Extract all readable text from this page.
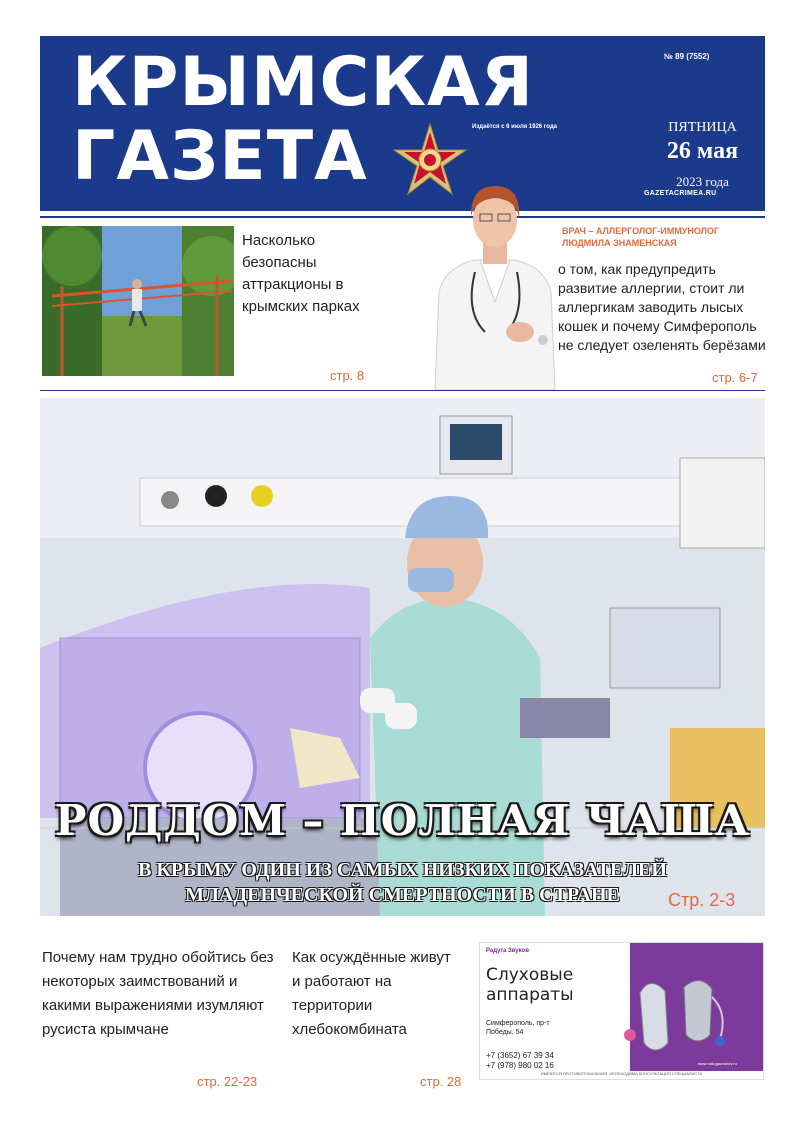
КРЫМСКАЯ
ГАЗЕТА	Издаётся с 6 июля 1926 года
№ 89 (7552)
ПЯТНИЦА
26 мая
2023 года
GAZETACRIMEA.RU
Насколько безопасны аттракционы в крымских парках
стр. 8
ВРАЧ – АЛЛЕРГОЛОГ-ИММУНОЛОГ ЛЮДМИЛА ЗНАМЕНСКАЯ
о том, как предупредить развитие аллергии, стоит ли аллергикам заводить лысых кошек и почему Симферополь не следует озеленять берёзами
стр. 6-7
РОДДОМ – ПОЛНАЯ ЧАША
В КРЫМУ ОДИН ИЗ САМЫХ НИЗКИХ ПОКАЗАТЕЛЕЙ
МЛАДЕНЧЕСКОЙ СМЕРТНОСТИ В СТРАНЕ	Стр. 2-3
Почему нам трудно обойтись без некоторых заимствований и какими выражениями изумляют русиста крымчане
стр. 22-23
Как осуждённые живут и работают на территории хлебокомбината
стр. 28
Радуга Звуков
Слуховые
аппараты
Симферополь, пр-т Победы, 54
+7 (3652) 67 39 34
+7 (978) 980 02 16	www.radugazvukov.ru
ИМЕЮТСЯ ПРОТИВОПОКАЗАНИЯ. НЕОБХОДИМА КОНСУЛЬТАЦИЯ СПЕЦИАЛИСТА
